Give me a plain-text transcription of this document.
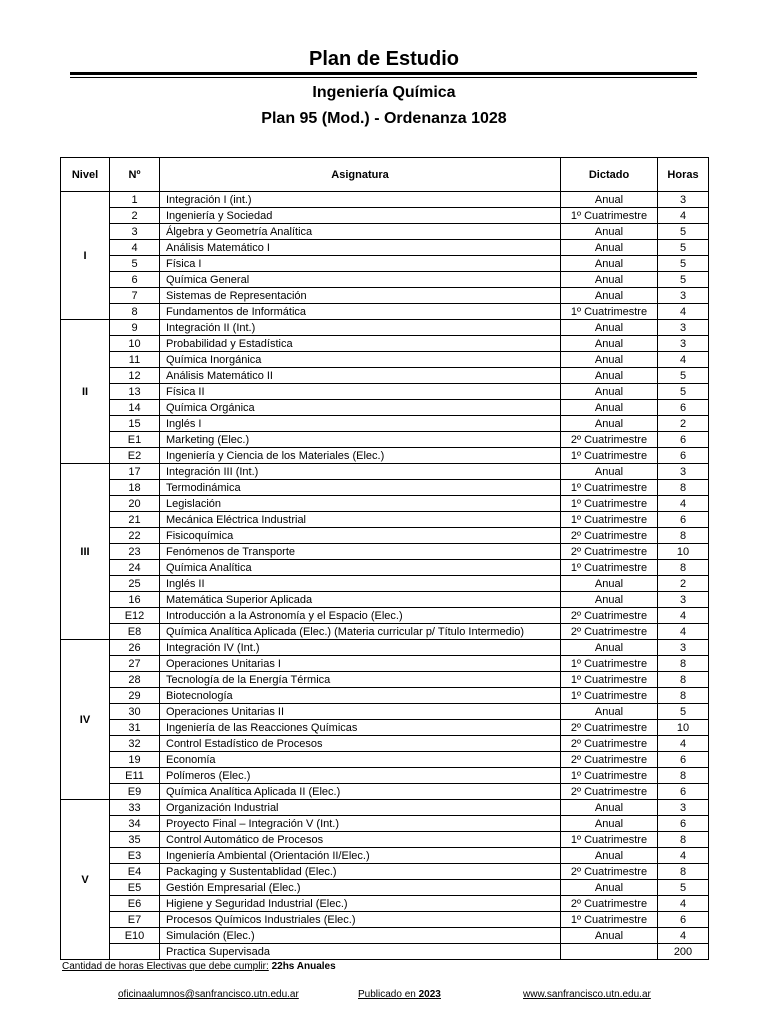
Plan de Estudio
Ingeniería Química
Plan 95 (Mod.) - Ordenanza 1028
Nivel	Nº	Asignatura	Dictado	Horas
I	1	Integración I (int.)	Anual	3
	2	Ingeniería y Sociedad	1º Cuatrimestre	4
	3	Álgebra y Geometría Analítica	Anual	5
	4	Análisis Matemático I	Anual	5
	5	Física I	Anual	5
	6	Química General	Anual	5
	7	Sistemas de Representación	Anual	3
	8	Fundamentos de Informática	1º Cuatrimestre	4
II	9	Integración II (Int.)	Anual	3
	10	Probabilidad y Estadística	Anual	3
	11	Química Inorgánica	Anual	4
	12	Análisis Matemático II	Anual	5
	13	Física II	Anual	5
	14	Química Orgánica	Anual	6
	15	Inglés I	Anual	2
	E1	Marketing (Elec.)	2º Cuatrimestre	6
	E2	Ingeniería y Ciencia de los Materiales (Elec.)	1º Cuatrimestre	6
III	17	Integración III (Int.)	Anual	3
	18	Termodinámica	1º Cuatrimestre	8
	20	Legislación	1º Cuatrimestre	4
	21	Mecánica Eléctrica Industrial	1º Cuatrimestre	6
	22	Fisicoquímica	2º Cuatrimestre	8
	23	Fenómenos de Transporte	2º Cuatrimestre	10
	24	Química Analítica	1º Cuatrimestre	8
	25	Inglés II	Anual	2
	16	Matemática Superior Aplicada	Anual	3
	E12	Introducción a la Astronomía y el Espacio (Elec.)	2º Cuatrimestre	4
	E8	Química Analítica Aplicada (Elec.) (Materia curricular p/ Título Intermedio)	2º Cuatrimestre	4
IV	26	Integración IV (Int.)	Anual	3
	27	Operaciones Unitarias I	1º Cuatrimestre	8
	28	Tecnología de la Energía Térmica	1º Cuatrimestre	8
	29	Biotecnología	1º Cuatrimestre	8
	30	Operaciones Unitarias II	Anual	5
	31	Ingeniería de las Reacciones Químicas	2º Cuatrimestre	10
	32	Control Estadístico de Procesos	2º Cuatrimestre	4
	19	Economía	2º Cuatrimestre	6
	E11	Polímeros (Elec.)	1º Cuatrimestre	8
	E9	Química Analítica Aplicada II (Elec.)	2º Cuatrimestre	6
V	33	Organización Industrial	Anual	3
	34	Proyecto Final – Integración V (Int.)	Anual	6
	35	Control Automático de Procesos	1º Cuatrimestre	8
	E3	Ingeniería Ambiental (Orientación II/Elec.)	Anual	4
	E4	Packaging y Sustentablidad (Elec.)	2º Cuatrimestre	8
	E5	Gestión Empresarial (Elec.)	Anual	5
	E6	Higiene y Seguridad Industrial (Elec.)	2º Cuatrimestre	4
	E7	Procesos Químicos Industriales (Elec.)	1º Cuatrimestre	6
	E10	Simulación (Elec.)	Anual	4
		Practica Supervisada		200
Cantidad de horas Electivas que debe cumplir: 22hs Anuales
oficinaalumnos@sanfrancisco.utn.edu.ar	Publicado en 2023	www.sanfrancisco.utn.edu.ar
